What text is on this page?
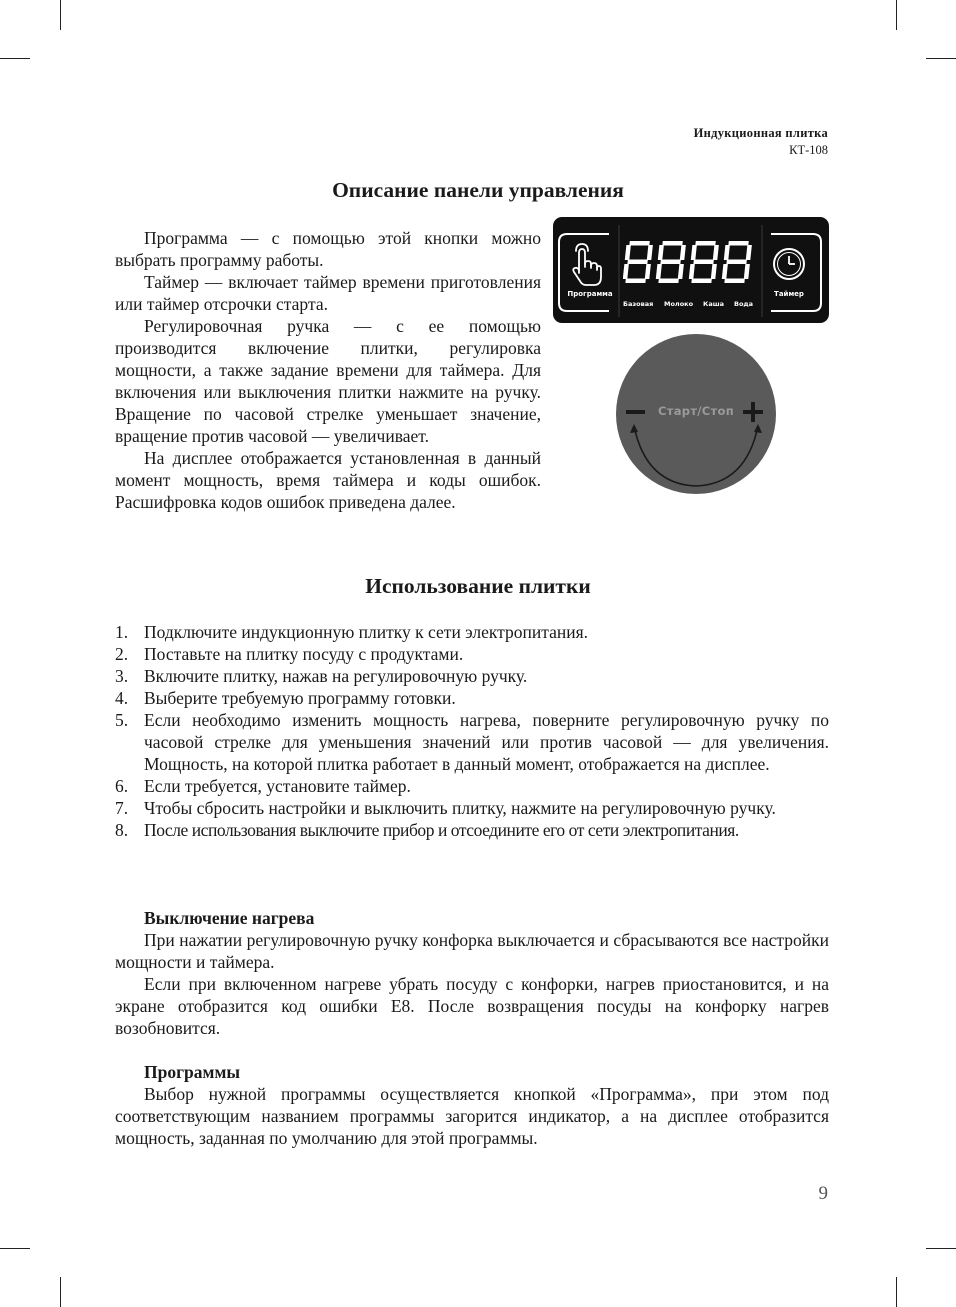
Индукционная плитка
КТ-108
Описание панели управления

Программа — с помощью этой кнопки можно выбрать программу работы.

Таймер — включает таймер времени приготовления или таймер отсрочки старта.

Регулировочная ручка — с ее помощью производится включение плитки, регулировка мощности, а также задание времени для таймера. Для включения или выключения плитки нажмите на ручку. Вращение по часовой стрелке уменьшает значение, вращение против часовой — увеличивает.

На дисплее отображается установленная в данный момент мощность, время таймера и коды ошибок. Расшифровка кодов ошибок приведена далее.

Программа	Таймер
Базовая Молоко Каша Вода
Старт/Стоп
Использование плитки
1. Подключите индукционную плитку к сети электропитания.
2. Поставьте на плитку посуду с продуктами.
3. Включите плитку, нажав на регулировочную ручку.
4. Выберите требуемую программу готовки.
5. Если необходимо изменить мощность нагрева, поверните регулировочную ручку по часовой стрелке для уменьшения значений или против часовой — для увеличения. Мощность, на которой плитка работает в данный момент, отображается на дисплее.
6. Если требуется, установите таймер.
7. Чтобы сбросить настройки и выключить плитку, нажмите на регулировочную ручку.
8. После использования выключите прибор и отсоедините его от сети электропитания.

Выключение нагрева

При нажатии регулировочную ручку конфорка выключается и сбрасываются все настройки мощности и таймера.

Если при включенном нагреве убрать посуду с конфорки, нагрев приостановится, и на экране отобразится код ошибки Е8. После возвращения посуды на конфорку нагрев возобновится.

Программы

Выбор нужной программы осуществляется кнопкой «Программа», при этом под соответствующим названием программы загорится индикатор, а на дисплее отобразится мощность, заданная по умолчанию для этой программы.

9
